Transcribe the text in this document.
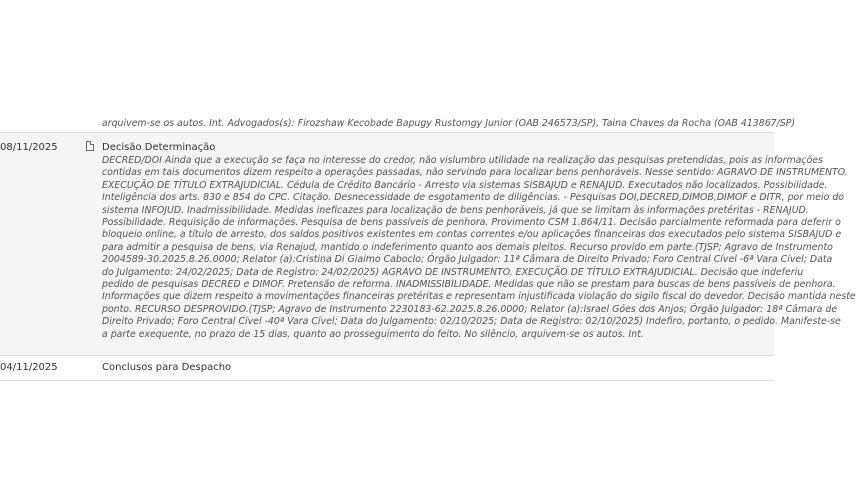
arquivem-se os autos. Int. Advogados(s): Firozshaw Kecobade Bapugy Rustomgy Junior (OAB 246573/SP), Taina Chaves da Rocha (OAB 413867/SP)
08/11/2025	Decisão Determinação
DECRED/DOI Ainda que a execução se faça no interesse do credor, não vislumbro utilidade na realização das pesquisas pretendidas, pois as informações
contidas em tais documentos dizem respeito a operações passadas, não servindo para localizar bens penhoráveis. Nesse sentido: AGRAVO DE INSTRUMENTO.
EXECUÇÃO DE TÍTULO EXTRAJUDICIAL. Cédula de Crédito Bancário - Arresto via sistemas SISBAJUD e RENAJUD. Executados não localizados. Possibilidade.
Inteligência dos arts. 830 e 854 do CPC. Citação. Desnecessidade de esgotamento de diligências. - Pesquisas DOI,DECRED,DIMOB,DIMOF e DITR, por meio do
sistema INFOJUD. Inadmissibilidade. Medidas ineficazes para localização de bens penhoráveis, já que se limitam às informações pretéritas - RENAJUD.
Possibilidade. Requisição de informações. Pesquisa de bens passíveis de penhora. Provimento CSM 1.864/11. Decisão parcialmente reformada para deferir o
bloqueio online, a título de arresto, dos saldos positivos existentes em contas correntes e/ou aplicações financeiras dos executados pelo sistema SISBAJUD e
para admitir a pesquisa de bens, via Renajud, mantido o indeferimento quanto aos demais pleitos. Recurso provido em parte.(TJSP; Agravo de Instrumento
2004589-30.2025.8.26.0000; Relator (a):Cristina Di Giaimo Caboclo; Órgão Julgador: 11ª Câmara de Direito Privado; Foro Central Cível -6ª Vara Cível; Data
do Julgamento: 24/02/2025; Data de Registro: 24/02/2025) AGRAVO DE INSTRUMENTO. EXECUÇÃO DE TÍTULO EXTRAJUDICIAL. Decisão que indeferiu
pedido de pesquisas DECRED e DIMOF. Pretensão de reforma. INADMISSIBILIDADE. Medidas que não se prestam para buscas de bens passíveis de penhora.
Informações que dizem respeito a movimentações financeiras pretéritas e representam injustificada violação do sigilo fiscal do devedor. Decisão mantida neste
ponto. RECURSO DESPROVIDO.(TJSP; Agravo de Instrumento 2230183-62.2025.8.26.0000; Relator (a):Israel Góes dos Anjos; Órgão Julgador: 18ª Câmara de
Direito Privado; Foro Central Cível -40ª Vara Cível; Data do Julgamento: 02/10/2025; Data de Registro: 02/10/2025) Indefiro, portanto, o pedido. Manifeste-se
a parte exequente, no prazo de 15 dias, quanto ao prosseguimento do feito. No silêncio, arquivem-se os autos. Int.
04/11/2025	Conclusos para Despacho
